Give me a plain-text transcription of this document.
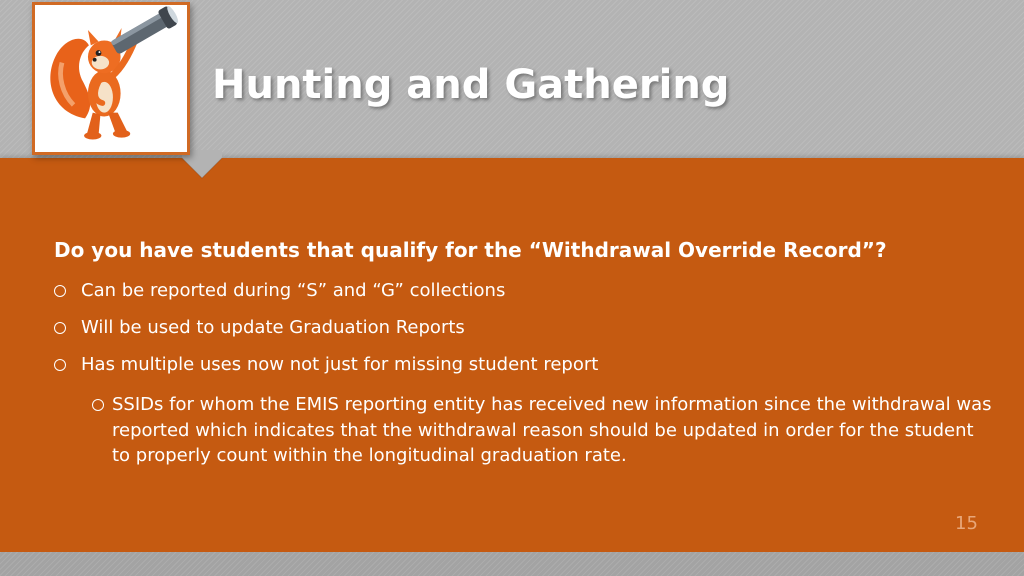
Hunting and Gathering
Do you have students that qualify for the “Withdrawal Override Record”?
Can be reported during “S” and “G” collections
Will be used to update Graduation Reports
Has multiple uses now not just for missing student report
SSIDs for whom the EMIS reporting entity has received new information since the withdrawal was reported which indicates that the withdrawal reason should be updated in order for the student to properly count within the longitudinal graduation rate.
15
